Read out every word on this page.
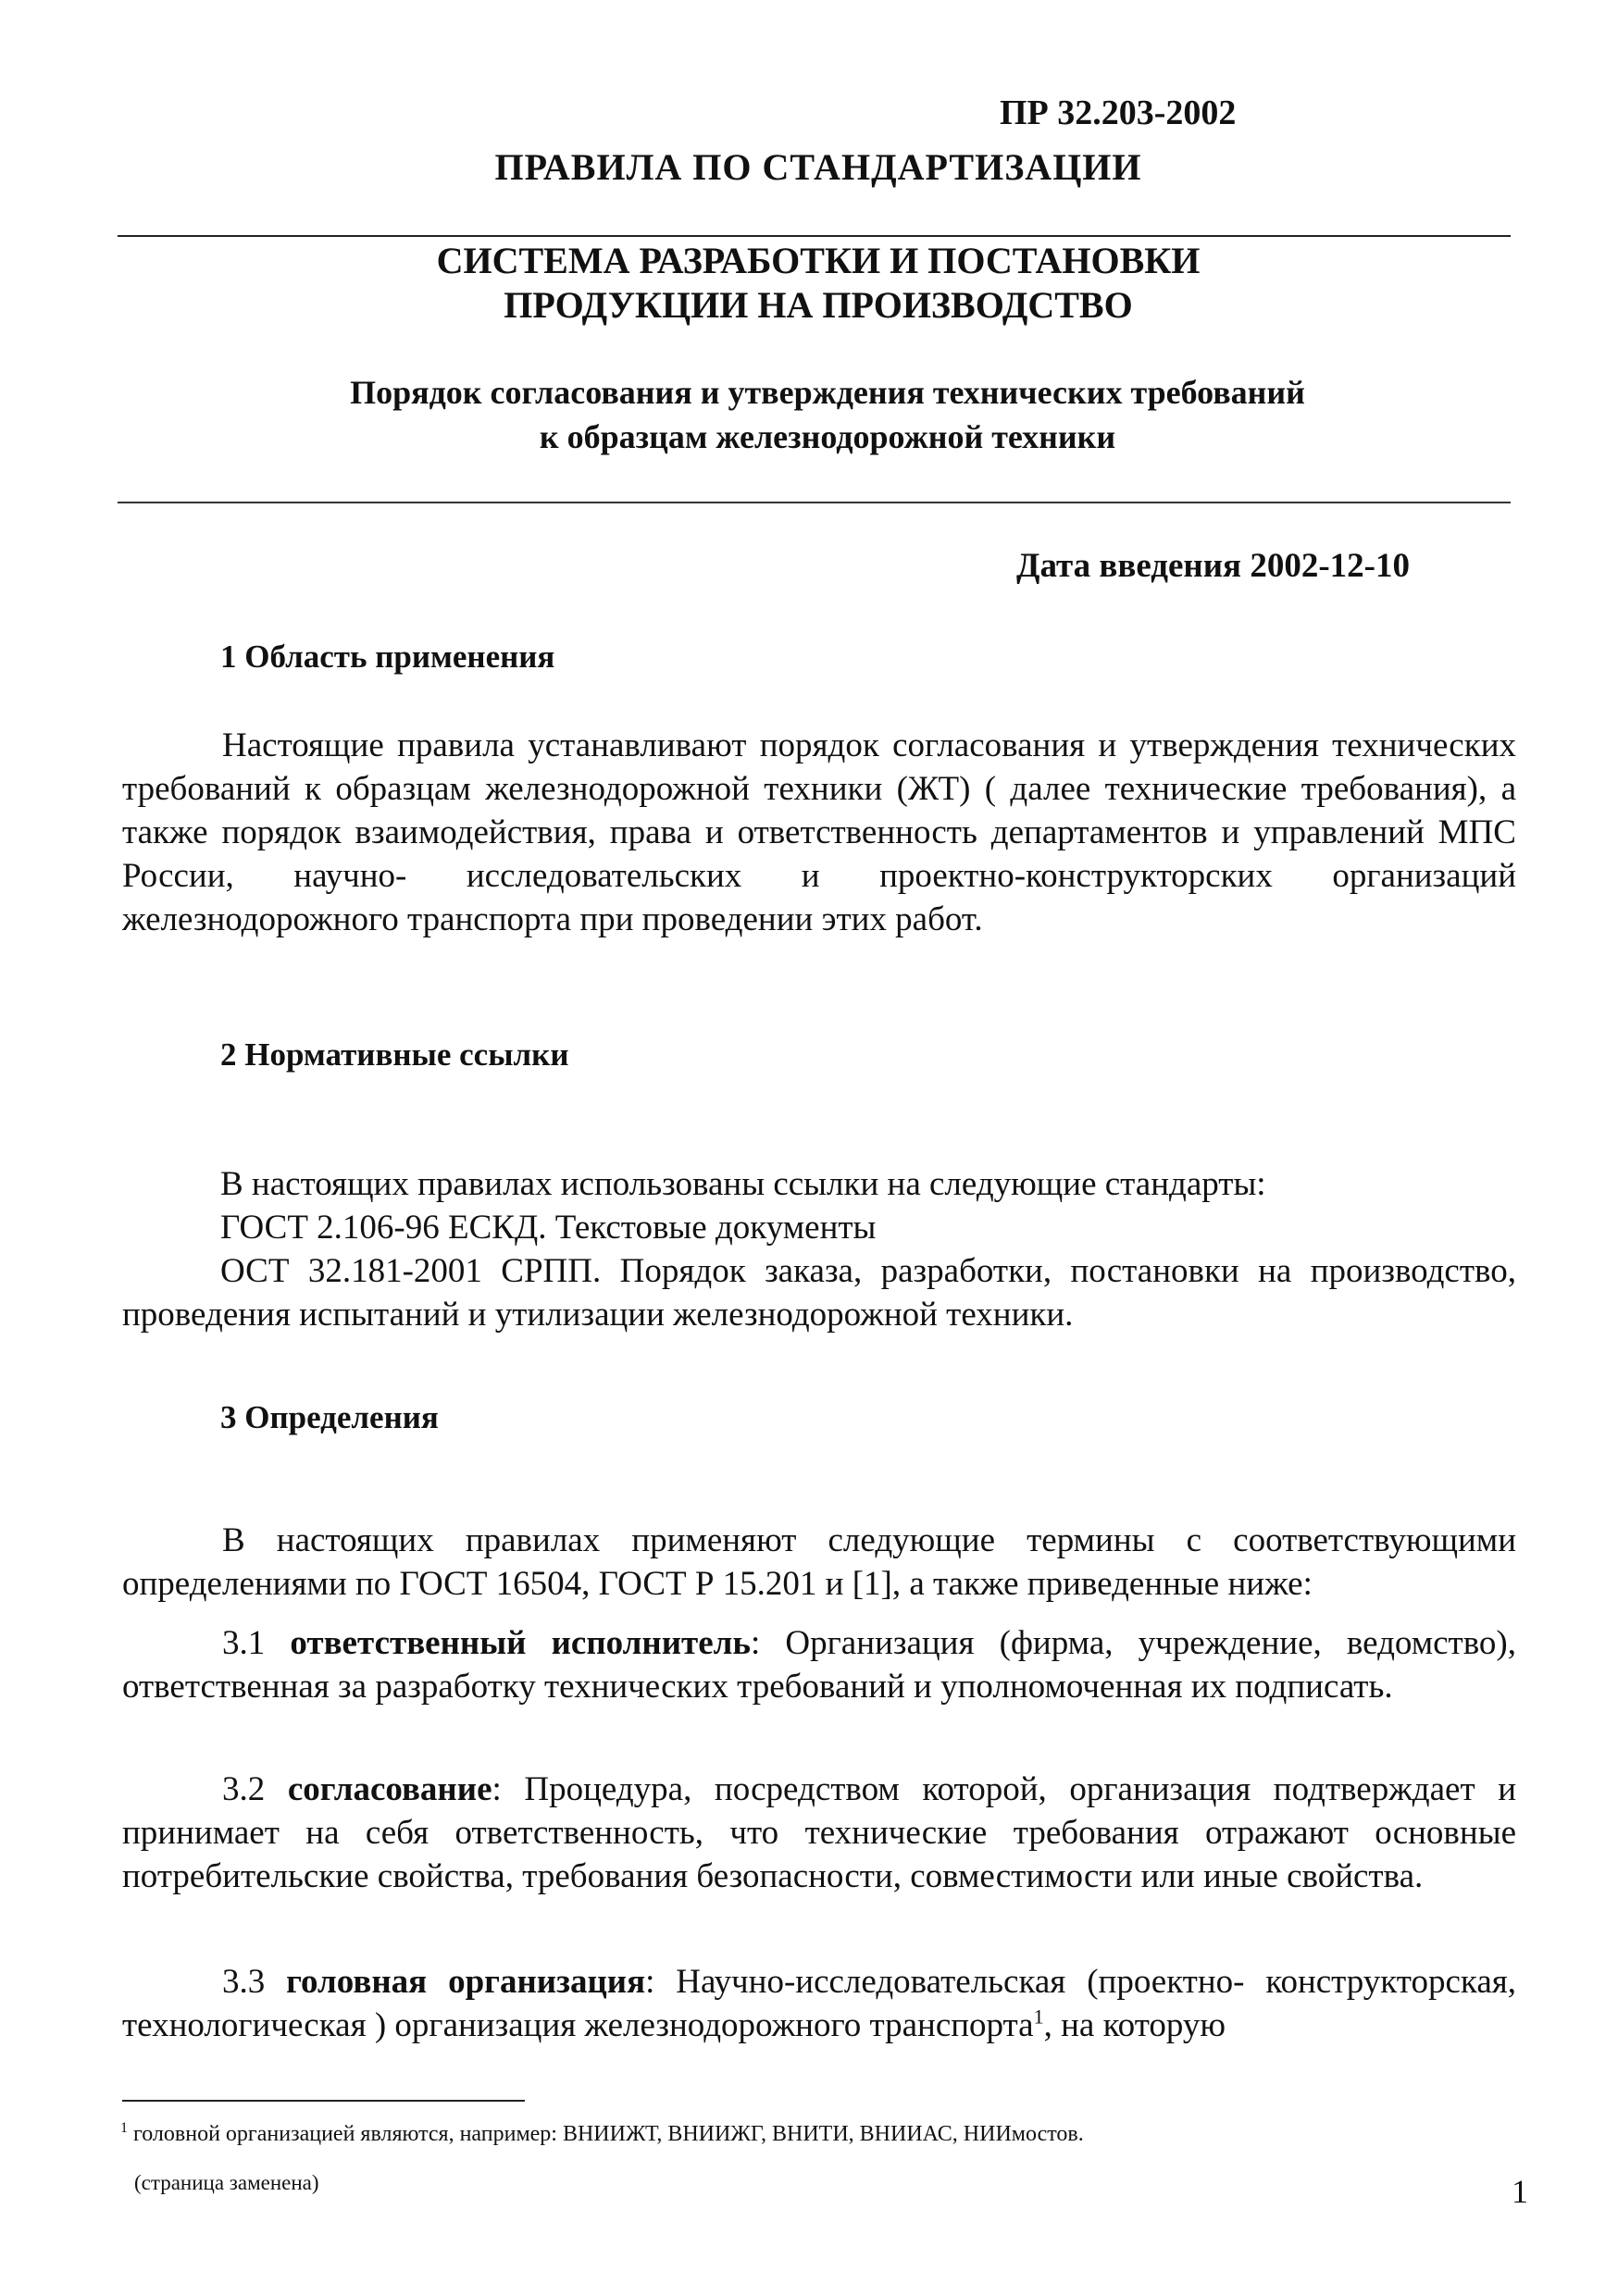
ПР 32.203-2002
ПРАВИЛА ПО СТАНДАРТИЗАЦИИ
СИСТЕМА РАЗРАБОТКИ И ПОСТАНОВКИ
ПРОДУКЦИИ НА ПРОИЗВОДСТВО
Порядок согласования и утверждения технических требований
к образцам железнодорожной техники
Дата введения 2002-12-10
1 Область применения

Настоящие правила устанавливают порядок согласования и утверждения технических требований к образцам железнодорожной техники (ЖТ) ( далее технические требования), а также порядок взаимодействия, права и ответственность департаментов и управлений МПС России, научно- исследовательских и проектно-конструкторских организаций железнодорожного транспорта при проведении этих работ.

2 Нормативные ссылки

В настоящих правилах использованы ссылки на следующие стандарты:

ГОСТ 2.106-96 ЕСКД. Текстовые документы

ОСТ 32.181-2001 СРПП. Порядок заказа, разработки, постановки на производство, проведения испытаний и утилизации железнодорожной техники.

3 Определения

В настоящих правилах применяют следующие термины с соответствующими определениями по ГОСТ 16504, ГОСТ Р 15.201 и [1], а также приведенные ниже:

3.1 ответственный исполнитель: Организация (фирма, учреждение, ведомство), ответственная за разработку технических требований и уполномоченная их подписать.

3.2 согласование: Процедура, посредством которой, организация подтверждает и принимает на себя ответственность, что технические требования отражают основные потребительские свойства, требования безопасности, совместимости или иные свойства.

3.3 головная организация: Научно-исследовательская (проектно- конструкторская, технологическая ) организация железнодорожного транспорта$^1$, на которую

$^1$ головной организацией являются, например: ВНИИЖТ, ВНИИЖГ, ВНИТИ, ВНИИАС, НИИмостов.
(страница заменена)	1
